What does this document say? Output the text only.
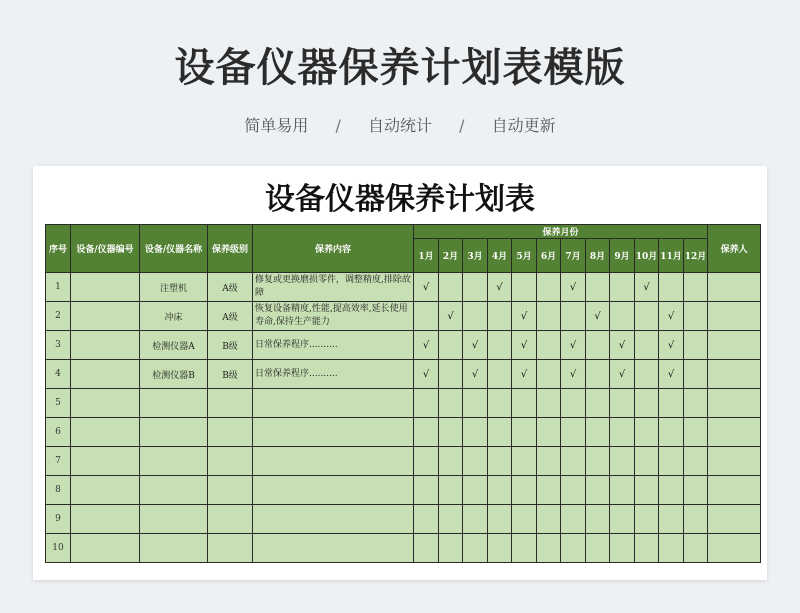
设备仪器保养计划表模版
简单易用 / 自动统计 / 自动更新
设备仪器保养计划表
序号	设备/仪器编号	设备/仪器名称	保养级别	保养内容	保养月份												保养人
					1月	2月	3月	4月	5月	6月	7月	8月	9月	10月	11月	12月	
1		注塑机	A级	修复或更换磨损零件，调整精度,排除故障	√			√			√			√			
2		冲床	A级	恢复设备精度,性能,提高效率,延长使用寿命,保持生产能力		√			√			√			√		
3		检测仪器A	B级	日常保养程序..........	√		√		√		√		√		√		
4		检测仪器B	B级	日常保养程序..........	√		√		√		√		√		√		
5																	
6																	
7																	
8																	
9																	
10																	
